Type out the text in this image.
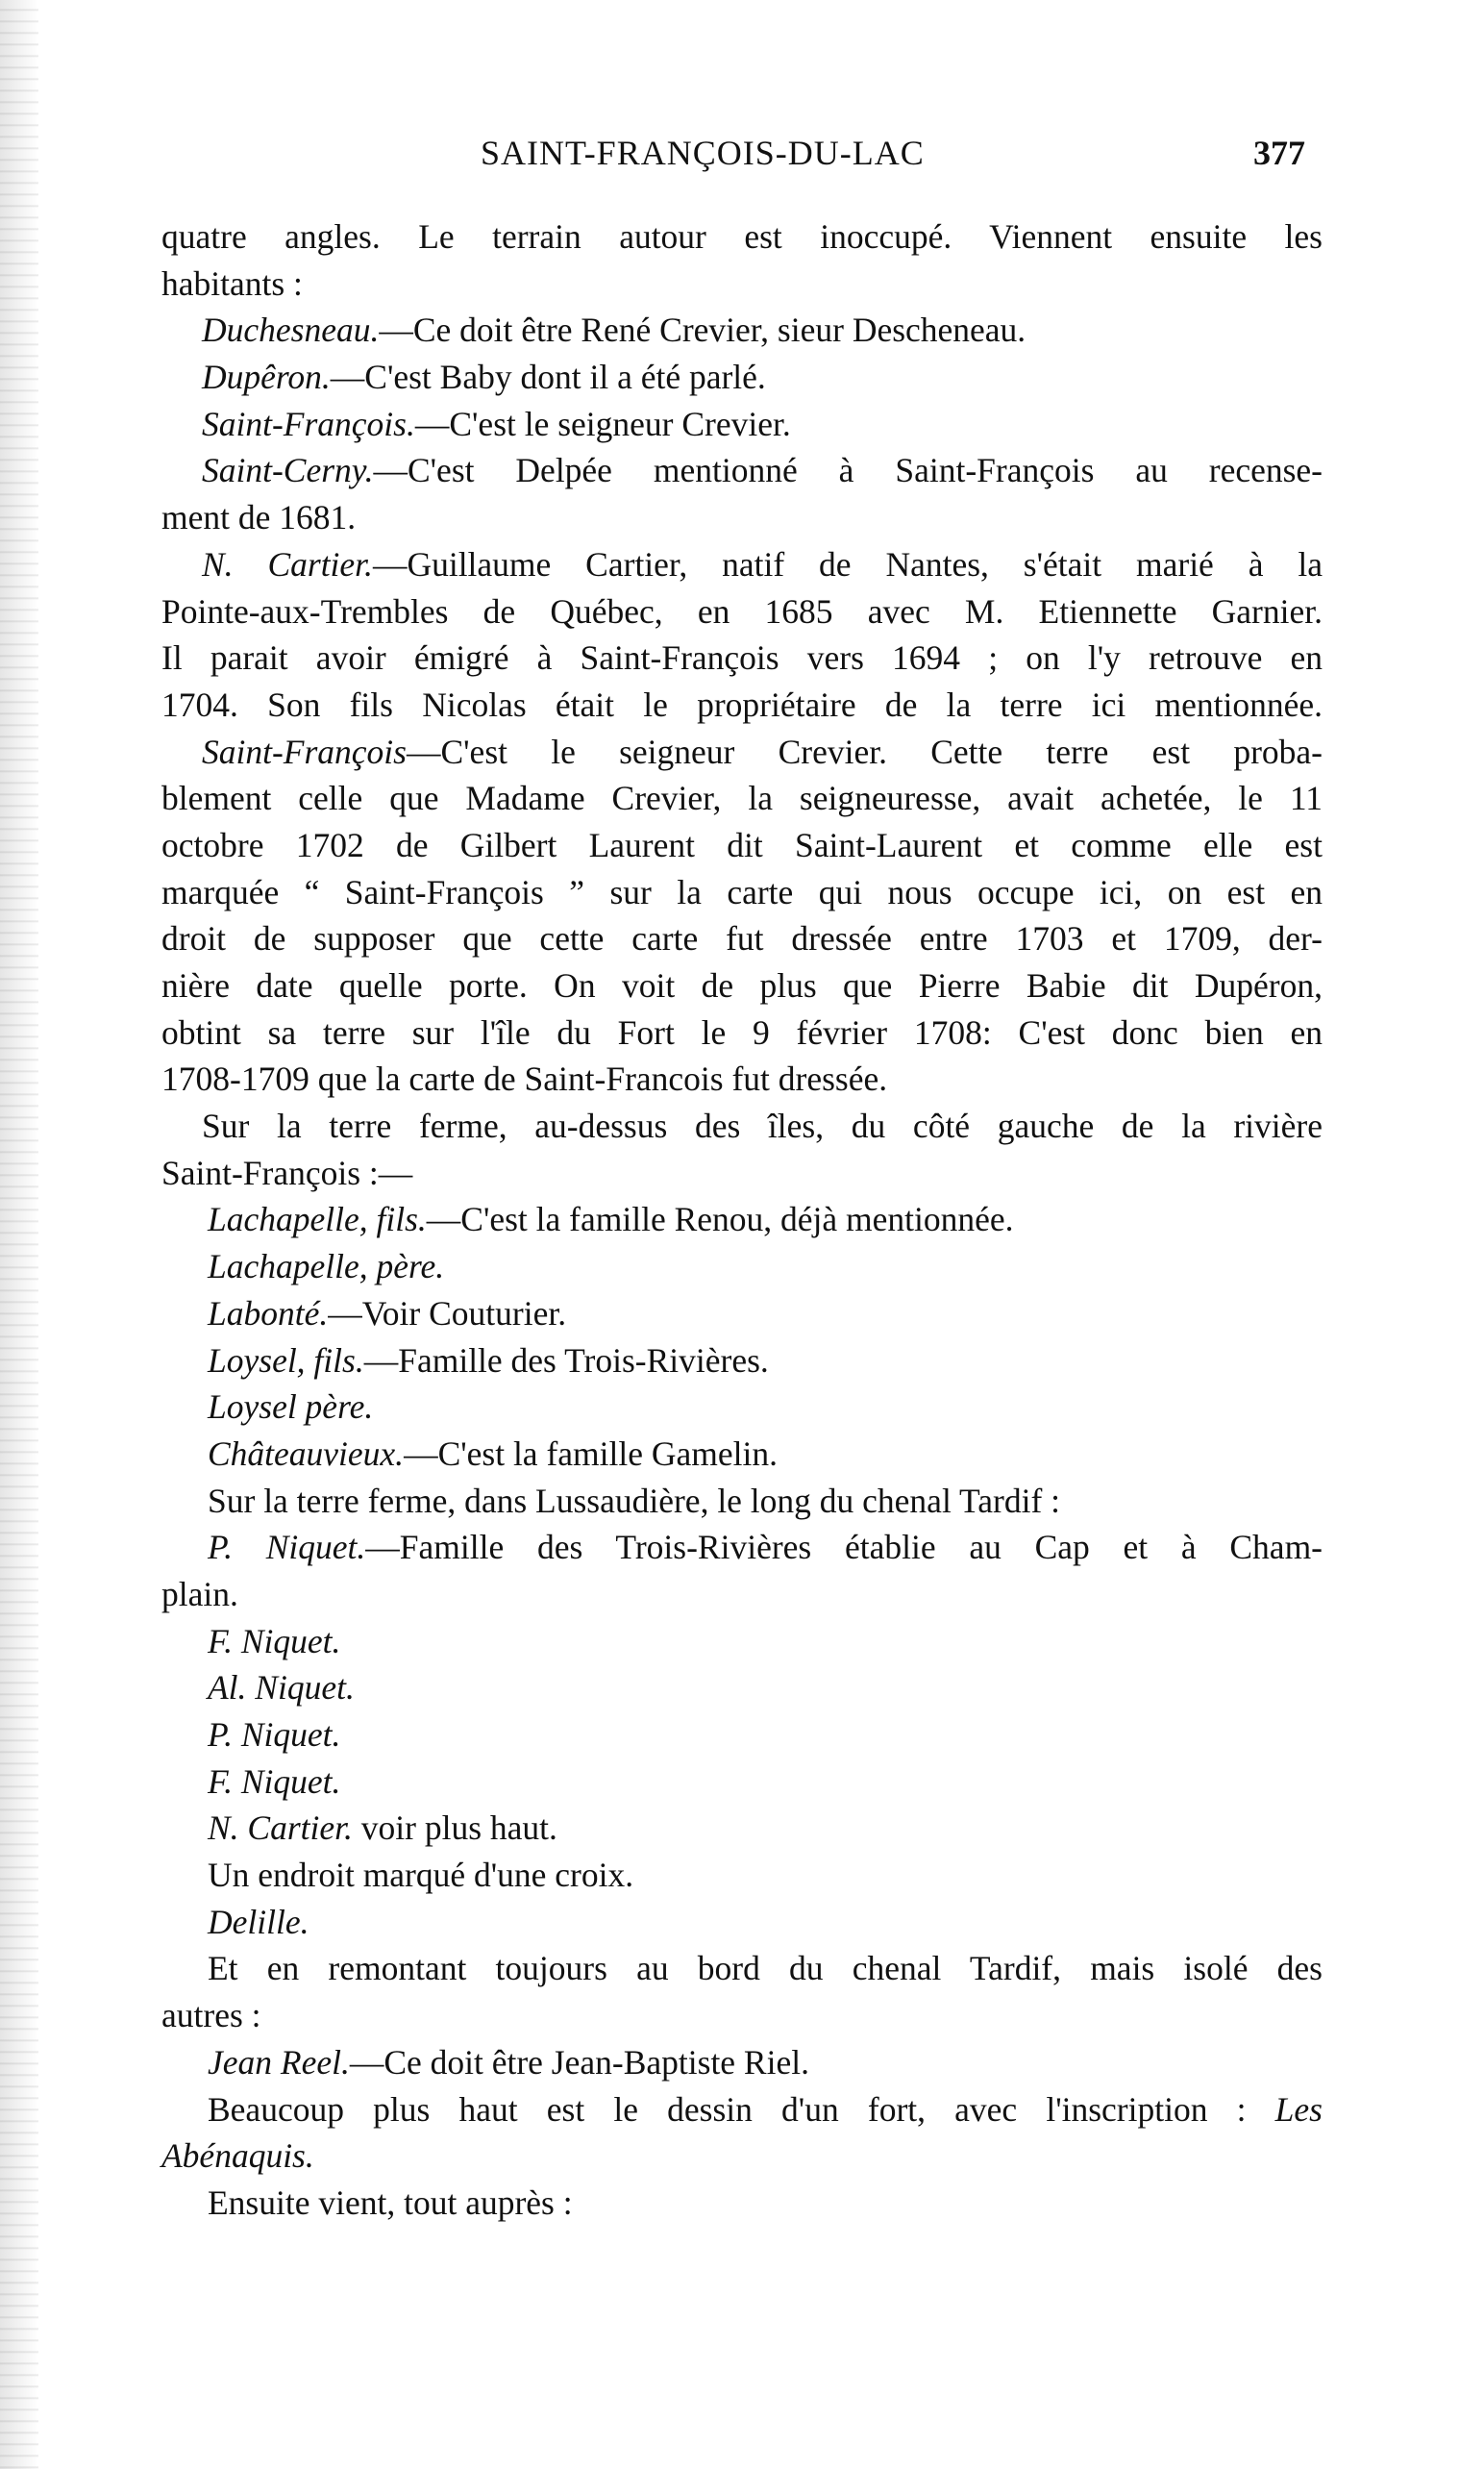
SAINT-FRANÇOIS-DU-LAC	377
quatre angles. Le terrain autour est inoccupé. Viennent ensuite les
habitants :
Duchesneau.—Ce doit être René Crevier, sieur Descheneau.
Dupêron.—C'est Baby dont il a été parlé.
Saint-François.—C'est le seigneur Crevier.
Saint-Cerny.—C'est Delpée mentionné à Saint-François au recense-
ment de 1681.
N. Cartier.—Guillaume Cartier, natif de Nantes, s'était marié à la
Pointe-aux-Trembles de Québec, en 1685 avec M. Etiennette Garnier.
Il parait avoir émigré à Saint-François vers 1694 ; on l'y retrouve en
1704. Son fils Nicolas était le propriétaire de la terre ici mentionnée.
Saint-François—C'est le seigneur Crevier. Cette terre est proba-
blement celle que Madame Crevier, la seigneuresse, avait achetée, le 11
octobre 1702 de Gilbert Laurent dit Saint-Laurent et comme elle est
marquée “ Saint-François ” sur la carte qui nous occupe ici, on est en
droit de supposer que cette carte fut dressée entre 1703 et 1709, der-
nière date quelle porte. On voit de plus que Pierre Babie dit Dupéron,
obtint sa terre sur l'île du Fort le 9 février 1708: C'est donc bien en
1708-1709 que la carte de Saint-Francois fut dressée.
Sur la terre ferme, au-dessus des îles, du côté gauche de la rivière
Saint-François :—
Lachapelle, fils.—C'est la famille Renou, déjà mentionnée.
Lachapelle, père.
Labonté.—Voir Couturier.
Loysel, fils.—Famille des Trois-Rivières.
Loysel père.
Châteauvieux.—C'est la famille Gamelin.
Sur la terre ferme, dans Lussaudière, le long du chenal Tardif :
P. Niquet.—Famille des Trois-Rivières établie au Cap et à Cham-
plain.
F. Niquet.
Al. Niquet.
P. Niquet.
F. Niquet.
N. Cartier. voir plus haut.
Un endroit marqué d'une croix.
Delille.
Et en remontant toujours au bord du chenal Tardif, mais isolé des
autres :
Jean Reel.—Ce doit être Jean-Baptiste Riel.
Beaucoup plus haut est le dessin d'un fort, avec l'inscription : Les
Abénaquis.
Ensuite vient, tout auprès :
